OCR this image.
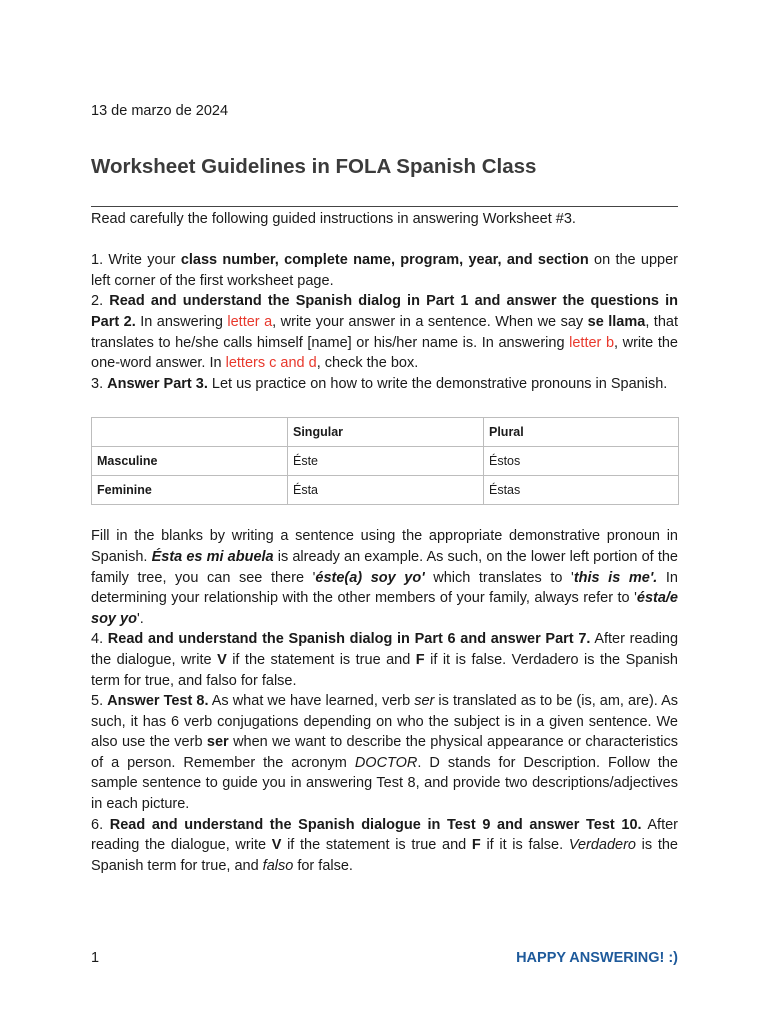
13 de marzo de 2024
Worksheet Guidelines in FOLA Spanish Class

Read carefully the following guided instructions in answering Worksheet #3.

1. Write your class number, complete name, program, year, and section on the upper left corner of the first worksheet page.

2. Read and understand the Spanish dialog in Part 1 and answer the questions in Part 2. In answering letter a, write your answer in a sentence. When we say se llama, that translates to he/she calls himself [name] or his/her name is. In answering letter b, write the one-word answer. In letters c and d, check the box.

3. Answer Part 3. Let us practice on how to write the demonstrative pronouns in Spanish.

	Singular	Plural
Masculine	Éste	Éstos
Feminine	Ésta	Éstas

Fill in the blanks by writing a sentence using the appropriate demonstrative pronoun in Spanish. Ésta es mi abuela is already an example. As such, on the lower left portion of the family tree, you can see there 'éste(a) soy yo' which translates to 'this is me'. In determining your relationship with the other members of your family, always refer to 'ésta/e soy yo'.

4. Read and understand the Spanish dialog in Part 6 and answer Part 7. After reading the dialogue, write V if the statement is true and F if it is false. Verdadero is the Spanish term for true, and falso for false.

5. Answer Test 8. As what we have learned, verb ser is translated as to be (is, am, are). As such, it has 6 verb conjugations depending on who the subject is in a given sentence. We also use the verb ser when we want to describe the physical appearance or characteristics of a person. Remember the acronym DOCTOR. D stands for Description. Follow the sample sentence to guide you in answering Test 8, and provide two descriptions/adjectives in each picture.

6. Read and understand the Spanish dialogue in Test 9 and answer Test 10. After reading the dialogue, write V if the statement is true and F if it is false. Verdadero is the Spanish term for true, and falso for false.

1	HAPPY ANSWERING! :)
